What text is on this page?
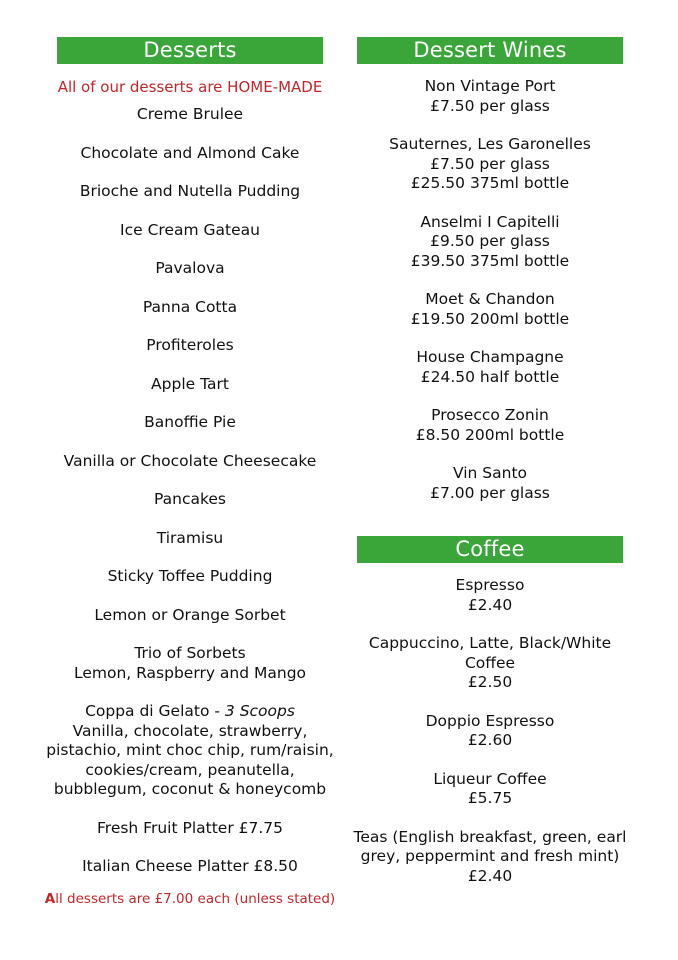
Desserts
All of our desserts are HOME-MADE
Creme Brulee
Chocolate and Almond Cake
Brioche and Nutella Pudding
Ice Cream Gateau
Pavalova
Panna Cotta
Profiteroles
Apple Tart
Banoffie Pie
Vanilla or Chocolate Cheesecake
Pancakes
Tiramisu
Sticky Toffee Pudding
Lemon or Orange Sorbet
Trio of Sorbets
Lemon, Raspberry and Mango
Coppa di Gelato - 3 Scoops
Vanilla, chocolate, strawberry,
pistachio, mint choc chip, rum/raisin,
cookies/cream, peanutella,
bubblegum, coconut & honeycomb
Fresh Fruit Platter £7.75
Italian Cheese Platter £8.50
All desserts are £7.00 each (unless stated)
Dessert Wines
Non Vintage Port
£7.50 per glass
Sauternes, Les Garonelles
£7.50 per glass
£25.50 375ml bottle
Anselmi I Capitelli
£9.50 per glass
£39.50 375ml bottle
Moet & Chandon
£19.50 200ml bottle
House Champagne
£24.50 half bottle
Prosecco Zonin
£8.50 200ml bottle
Vin Santo
£7.00 per glass
Coffee
Espresso
£2.40
Cappuccino, Latte, Black/White
Coffee
£2.50
Doppio Espresso
£2.60
Liqueur Coffee
£5.75
Teas (English breakfast, green, earl
grey, peppermint and fresh mint)
£2.40
